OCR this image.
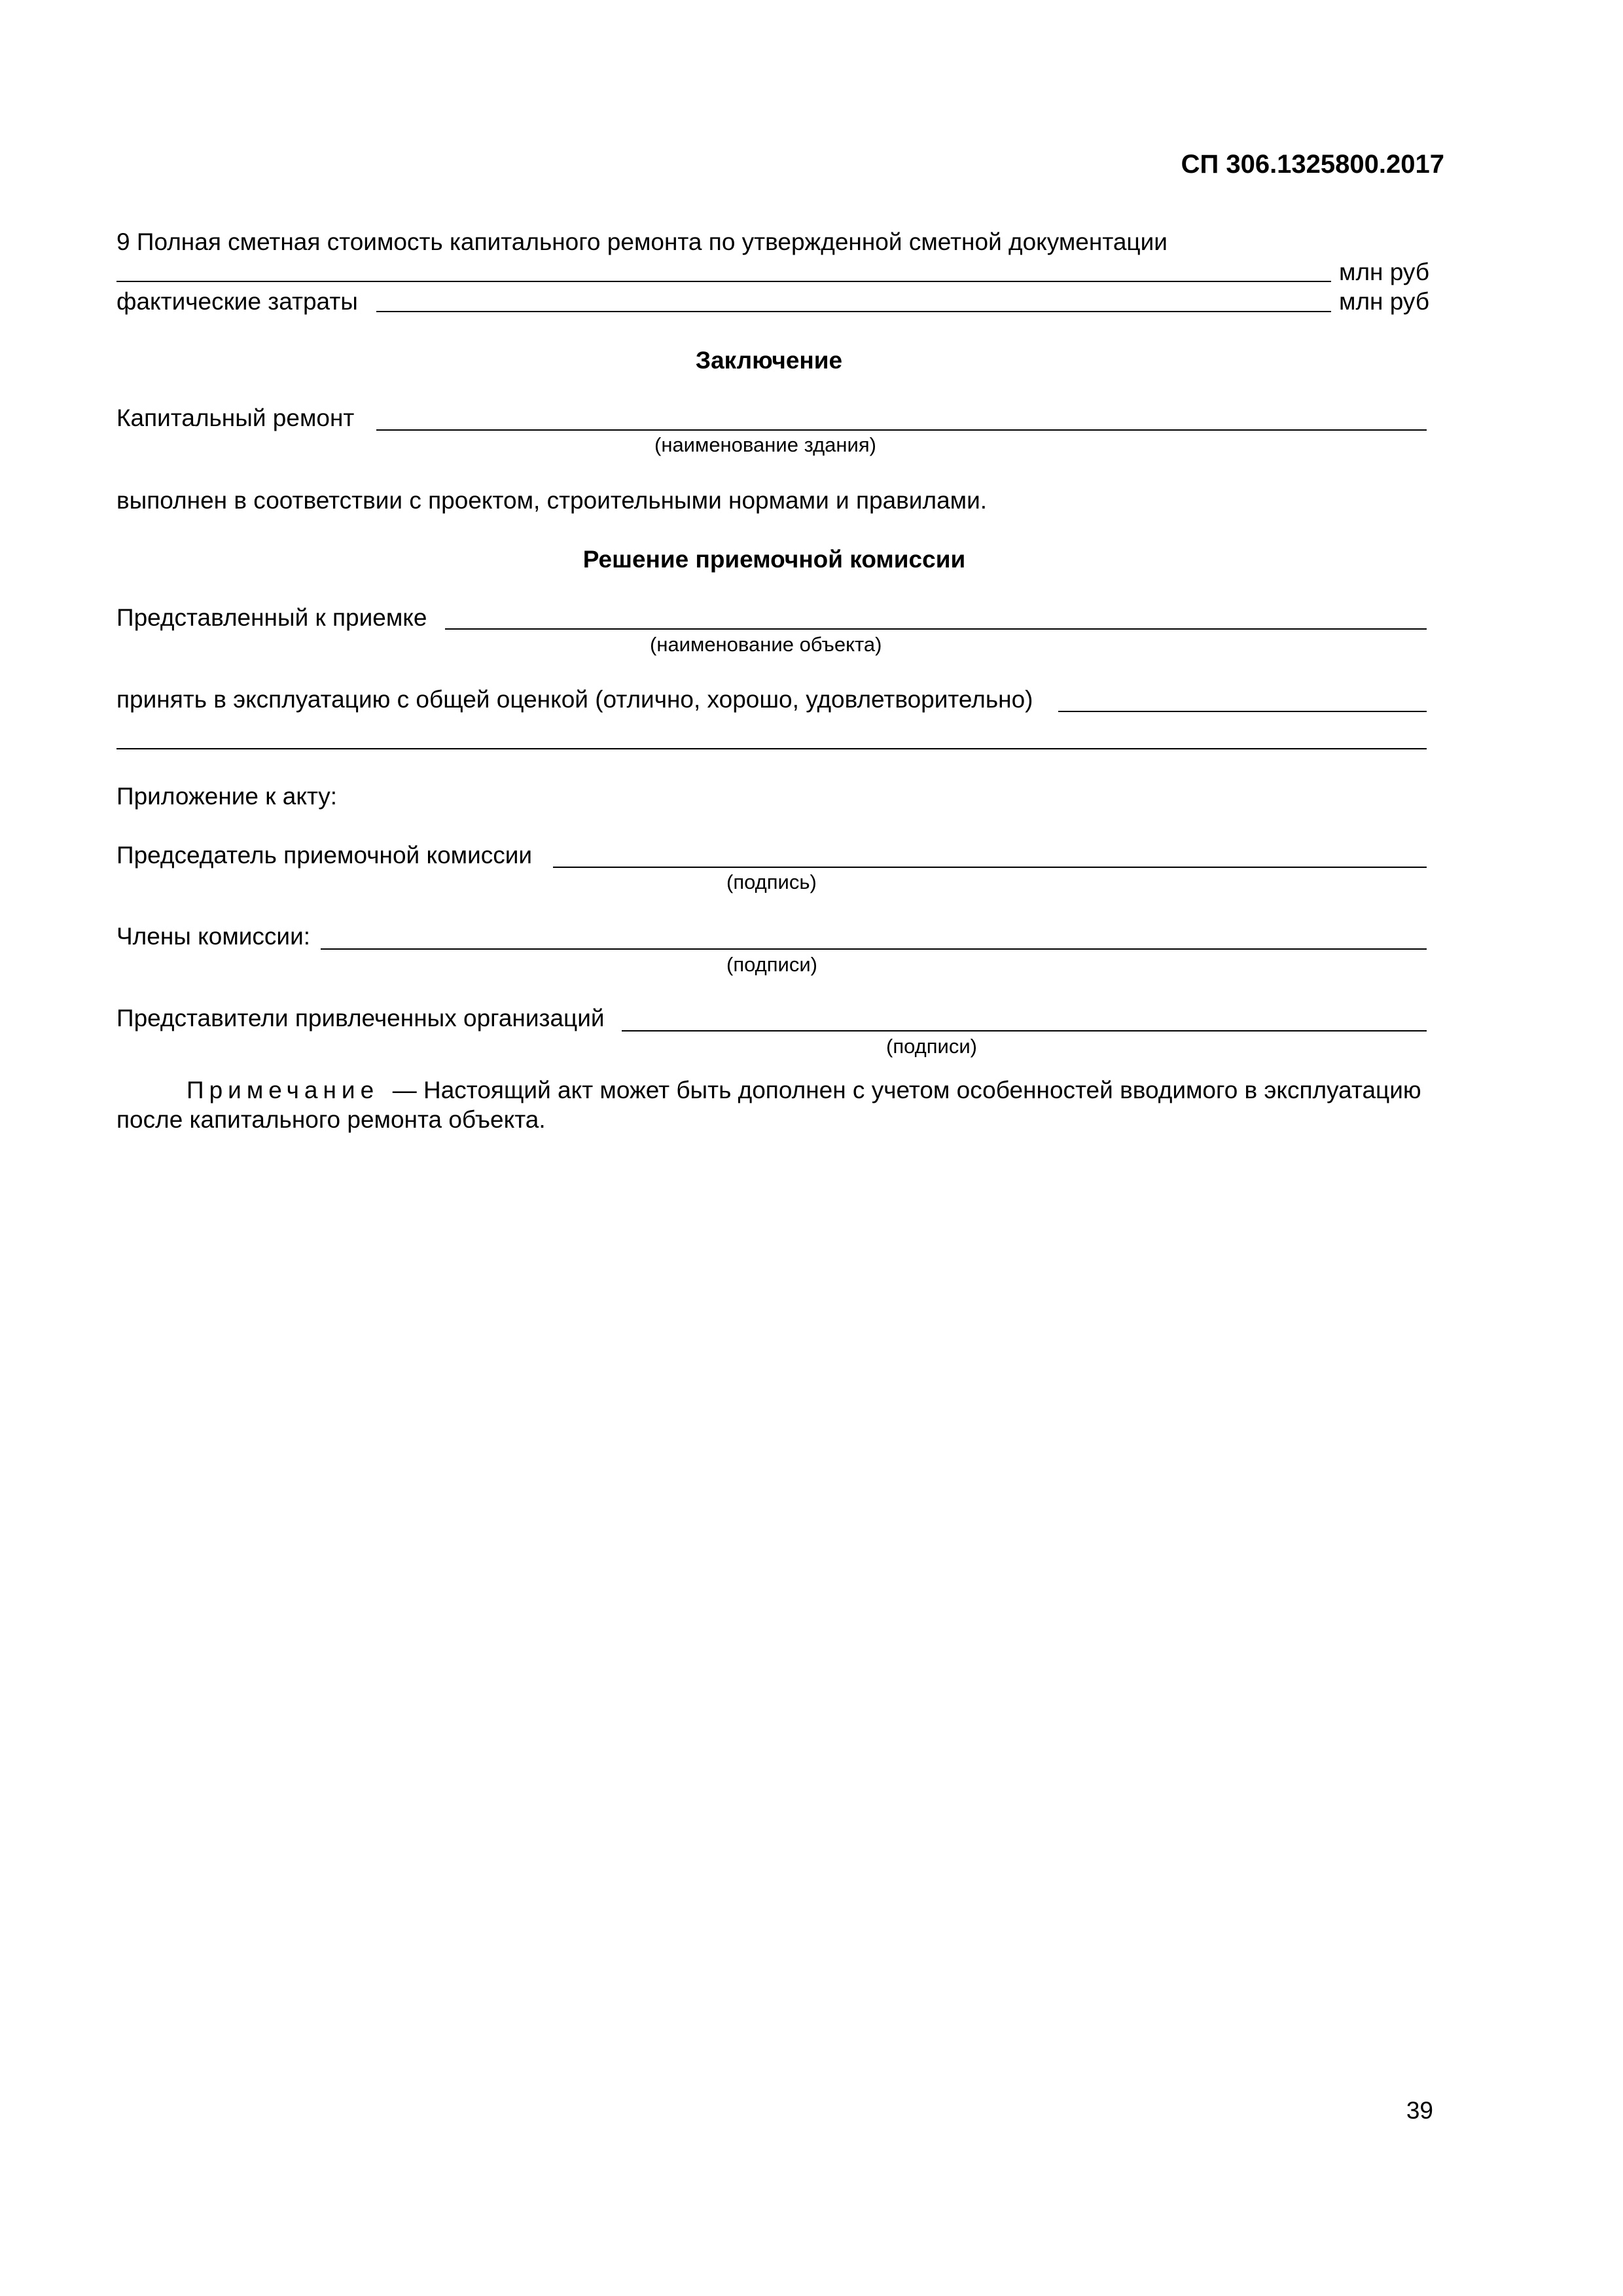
СП 306.1325800.2017
9 Полная сметная стоимость капитального ремонта по утвержденной сметной документации
млн руб
фактические затраты	млн руб
Заключение
Капитальный ремонт
(наименование здания)
выполнен в соответствии с проектом, строительными нормами и правилами.
Решение приемочной комиссии
Представленный к приемке
(наименование объекта)
принять в эксплуатацию с общей оценкой (отлично, хорошо, удовлетворительно)
Приложение к акту:
Председатель приемочной комиссии
(подпись)
Члены комиссии:
(подписи)
Представители привлеченных организаций
(подписи)
Примечание — Настоящий акт может быть дополнен с учетом особенностей вводимого в эксплуатацию
после капитального ремонта объекта.
39
